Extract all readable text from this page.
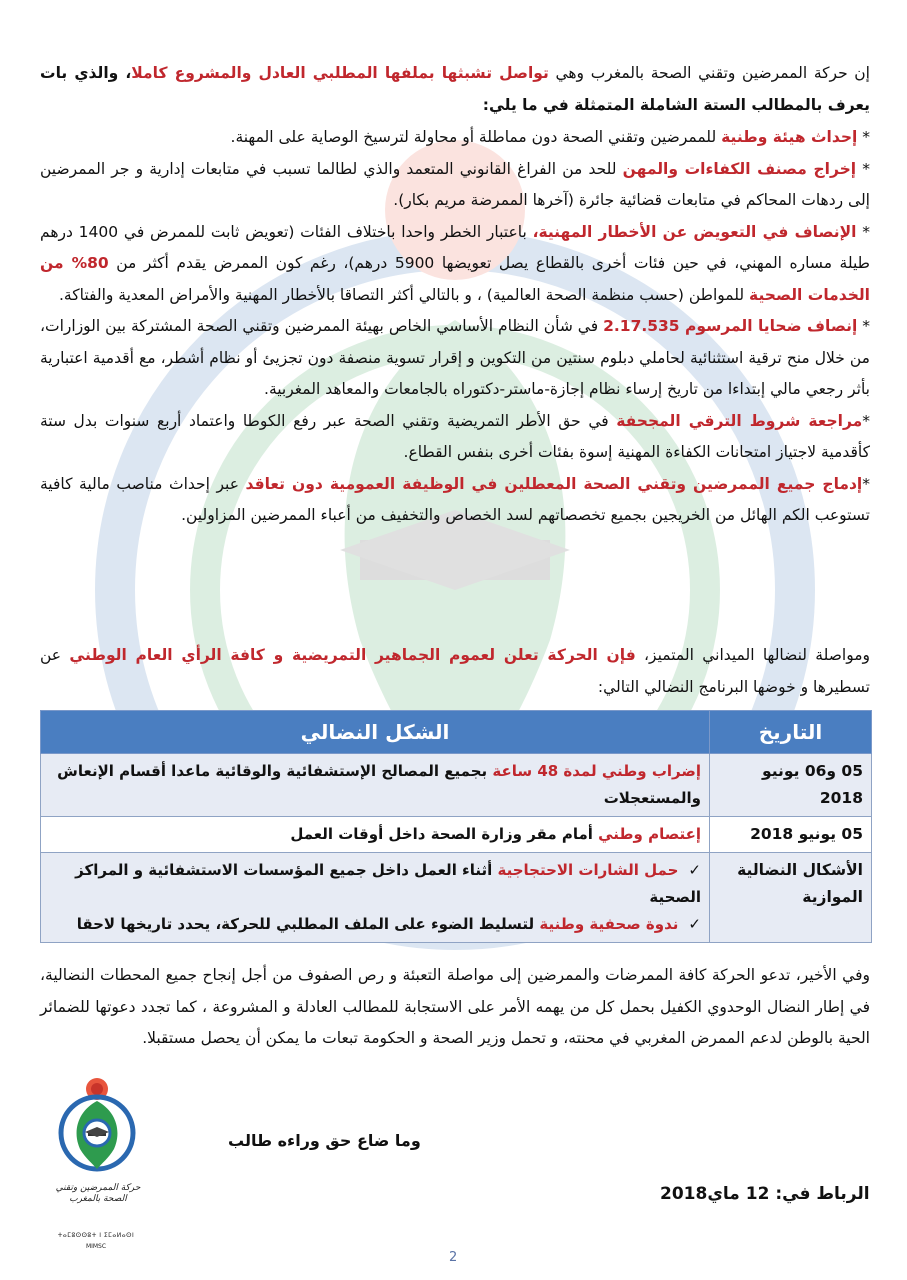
إن حركة الممرضين وتقني الصحة بالمغرب وهي تواصل تشبثها بملفها المطلبي العادل والمشروع كاملا، والذي بات يعرف بالمطالب الستة الشاملة المتمثلة في ما يلي:

* إحداث هيئة وطنية للممرضين وتقني الصحة دون مماطلة أو محاولة لترسيخ الوصاية على المهنة.

* إخراج مصنف الكفاءات والمهن للحد من الفراغ القانوني المتعمد والذي لطالما تسبب في متابعات إدارية و جر الممرضين إلى ردهات المحاكم في متابعات قضائية جائرة (آخرها الممرضة مريم بكار).

* الإنصاف في التعويض عن الأخطار المهنية، باعتبار الخطر واحدا باختلاف الفئات (تعويض ثابت للممرض في 1400 درهم طيلة مساره المهني، في حين فئات أخرى بالقطاع يصل تعويضها 5900 درهم)، رغم كون الممرض يقدم أكثر من 80% من الخدمات الصحية للمواطن (حسب منظمة الصحة العالمية) ، و بالتالي أكثر التصاقا بالأخطار المهنية والأمراض المعدية والفتاكة.

* إنصاف ضحايا المرسوم 2.17.535 في شأن النظام الأساسي الخاص بهيئة الممرضين وتقني الصحة المشتركة بين الوزارات، من خلال منح ترقية استثنائية لحاملي دبلوم سنتين من التكوين و إقرار تسوية منصفة دون تجزيئ أو نظام أشطر، مع أقدمية اعتبارية بأثر رجعي مالي إبتداءا من تاريخ إرساء نظام إجازة-ماستر-دكتوراه بالجامعات والمعاهد المغربية.

*مراجعة شروط الترقي المجحفة في حق الأطر التمريضية وتقني الصحة عبر رفع الكوطا واعتماد أربع سنوات بدل ستة كأقدمية لاجتياز امتحانات الكفاءة المهنية إسوة بفئات أخرى بنفس القطاع.

*إدماج جميع الممرضين وتقني الصحة المعطلين في الوظيفة العمومية دون تعاقد عبر إحداث مناصب مالية كافية تستوعب الكم الهائل من الخريجين بجميع تخصصاتهم لسد الخصاص والتخفيف من أعباء الممرضين المزاولين.

ومواصلة لنضالها الميداني المتميز، فإن الحركة تعلن لعموم الجماهير التمريضية و كافة الرأي العام الوطني عن تسطيرها و خوضها البرنامج النضالي التالي:

التاريخ	الشكل النضالي
05 و06 يونيو 2018	إضراب وطني لمدة 48 ساعة بجميع المصالح الإستشفائية والوقائية ماعدا أقسام الإنعاش والمستعجلات
05 يونيو 2018	إعتصام وطني أمام مقر وزارة الصحة داخل أوقات العمل
الأشكال النضالية الموازية	✓حمل الشارات الاحتجاجية أثناء العمل داخل جميع المؤسسات الاستشفائية و المراكز الصحية
✓ندوة صحفية وطنية لتسليط الضوء على الملف المطلبي للحركة، يحدد تاريخها لاحقا

وفي الأخير، تدعو الحركة كافة الممرضات والممرضين إلى مواصلة التعبئة و رص الصفوف من أجل إنجاح جميع المحطات النضالية، في إطار النضال الوحدوي الكفيل بحمل كل من يهمه الأمر على الاستجابة للمطالب العادلة و المشروعة ، كما تجدد دعوتها للضمائر الحية بالوطن لدعم الممرض المغربي في محنته، و تحمل وزير الصحة و الحكومة تبعات ما يمكن أن يحصل مستقبلا.

حركة الممرضين وتقني الصحة بالمغرب
ⵜⴰⵎⵓⵙⵙⵓⵜ ⵏ ⵉⵎⴰⵍⴰⵙⵏ
MIMSC
وما ضاع حق وراءه طالب
الرباط في: 12 ماي2018
2
